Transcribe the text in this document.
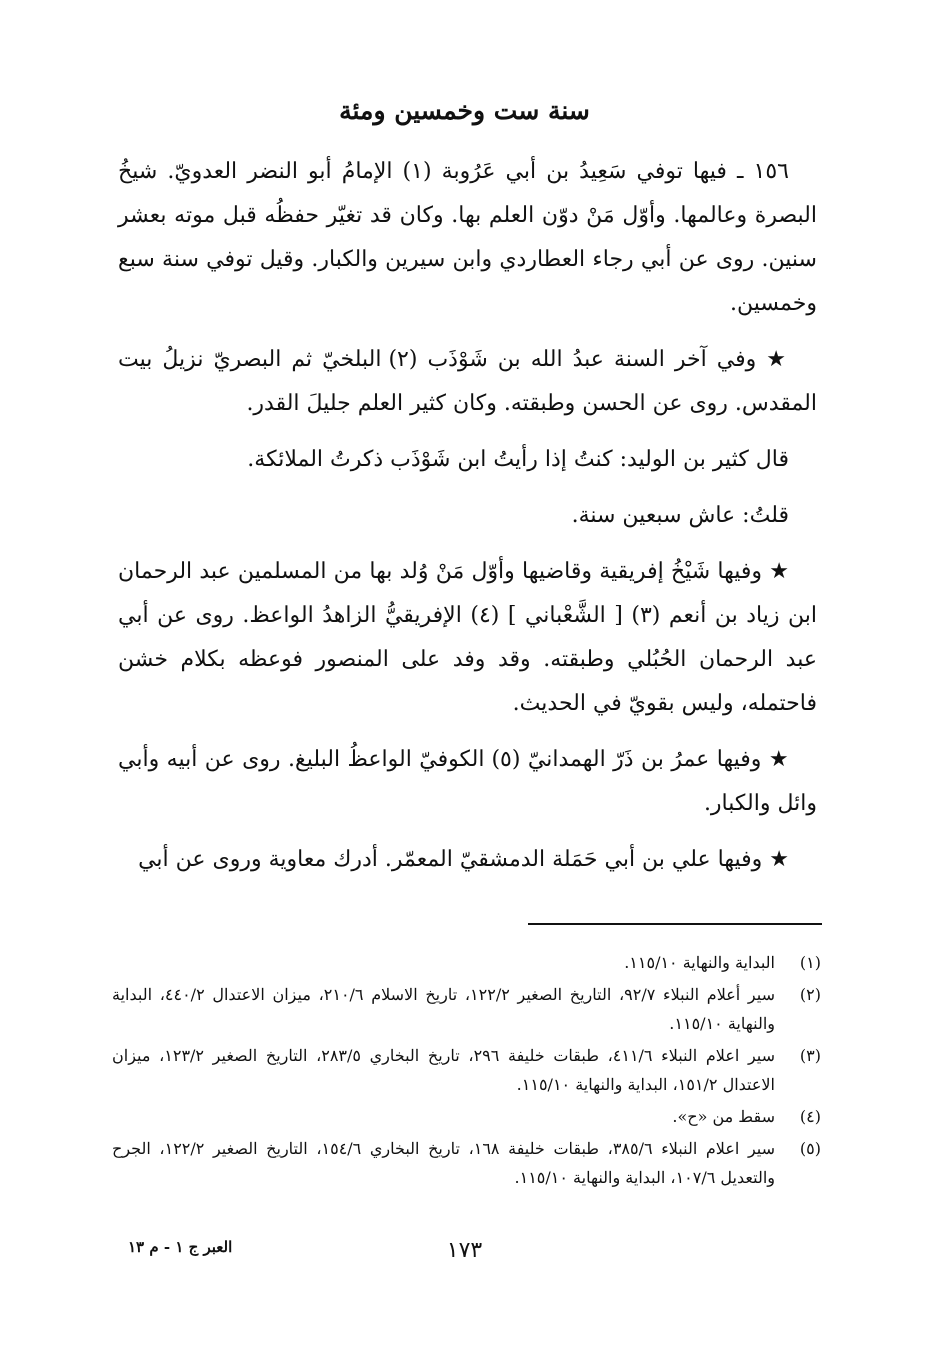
سنة ست وخمسين ومئة

١٥٦ ـ فيها توفي سَعِيدُ بن أبي عَرُوبة (١) الإمامُ أبو النضر العدويّ. شيخُ البصرة وعالمها. وأوّل مَنْ دوّن العلم بها. وكان قد تغيّر حفظُه قبل موته بعشر سنين. روى عن أبي رجاء العطاردي وابن سيرين والكبار. وقيل توفي سنة سبع وخمسين.

★ وفي آخر السنة عبدُ الله بن شَوْذَب (٢) البلخيّ ثم البصريّ نزيلُ بيت المقدس. روى عن الحسن وطبقته. وكان كثير العلم جليلَ القدر.

قال كثير بن الوليد: كنتُ إذا رأيتُ ابن شَوْذَب ذكرتُ الملائكة.

قلتُ: عاش سبعين سنة.

★ وفيها شَيْخُ إفريقية وقاضيها وأوّل مَنْ وُلد بها من المسلمين عبد الرحمان ابن زياد بن أنعم (٣) [ الشَّعْباني ] (٤) الإفريقيُّ الزاهدُ الواعظ. روى عن أبي عبد الرحمان الحُبُلي وطبقته. وقد وفد على المنصور فوعظه بكلام خشن فاحتمله، وليس بقويّ في الحديث.

★ وفيها عمرُ بن ذَرّ الهمدانيّ (٥) الكوفيّ الواعظُ البليغ. روى عن أبيه وأبي وائل والكبار.

★ وفيها علي بن أبي حَمَلة الدمشقيّ المعمّر. أدرك معاوية وروى عن أبي

(١)
البداية والنهاية ١١٥/١٠.
(٢)
سير أعلام النبلاء ٩٢/٧، التاريخ الصغير ١٢٢/٢، تاريخ الاسلام ٢١٠/٦، ميزان الاعتدال ٤٤٠/٢، البداية والنهاية ١١٥/١٠.
(٣)
سير اعلام النبلاء ٤١١/٦، طبقات خليفة ٢٩٦، تاريخ البخاري ٢٨٣/٥، التاريخ الصغير ١٢٣/٢، ميزان الاعتدال ١٥١/٢، البداية والنهاية ١١٥/١٠.
(٤)
سقط من «ح».
(٥)
سير اعلام النبلاء ٣٨٥/٦، طبقات خليفة ١٦٨، تاريخ البخاري ١٥٤/٦، التاريخ الصغير ١٢٢/٢، الجرح والتعديل ١٠٧/٦، البداية والنهاية ١١٥/١٠.
العبر ج ١ - م ١٣	١٧٣
